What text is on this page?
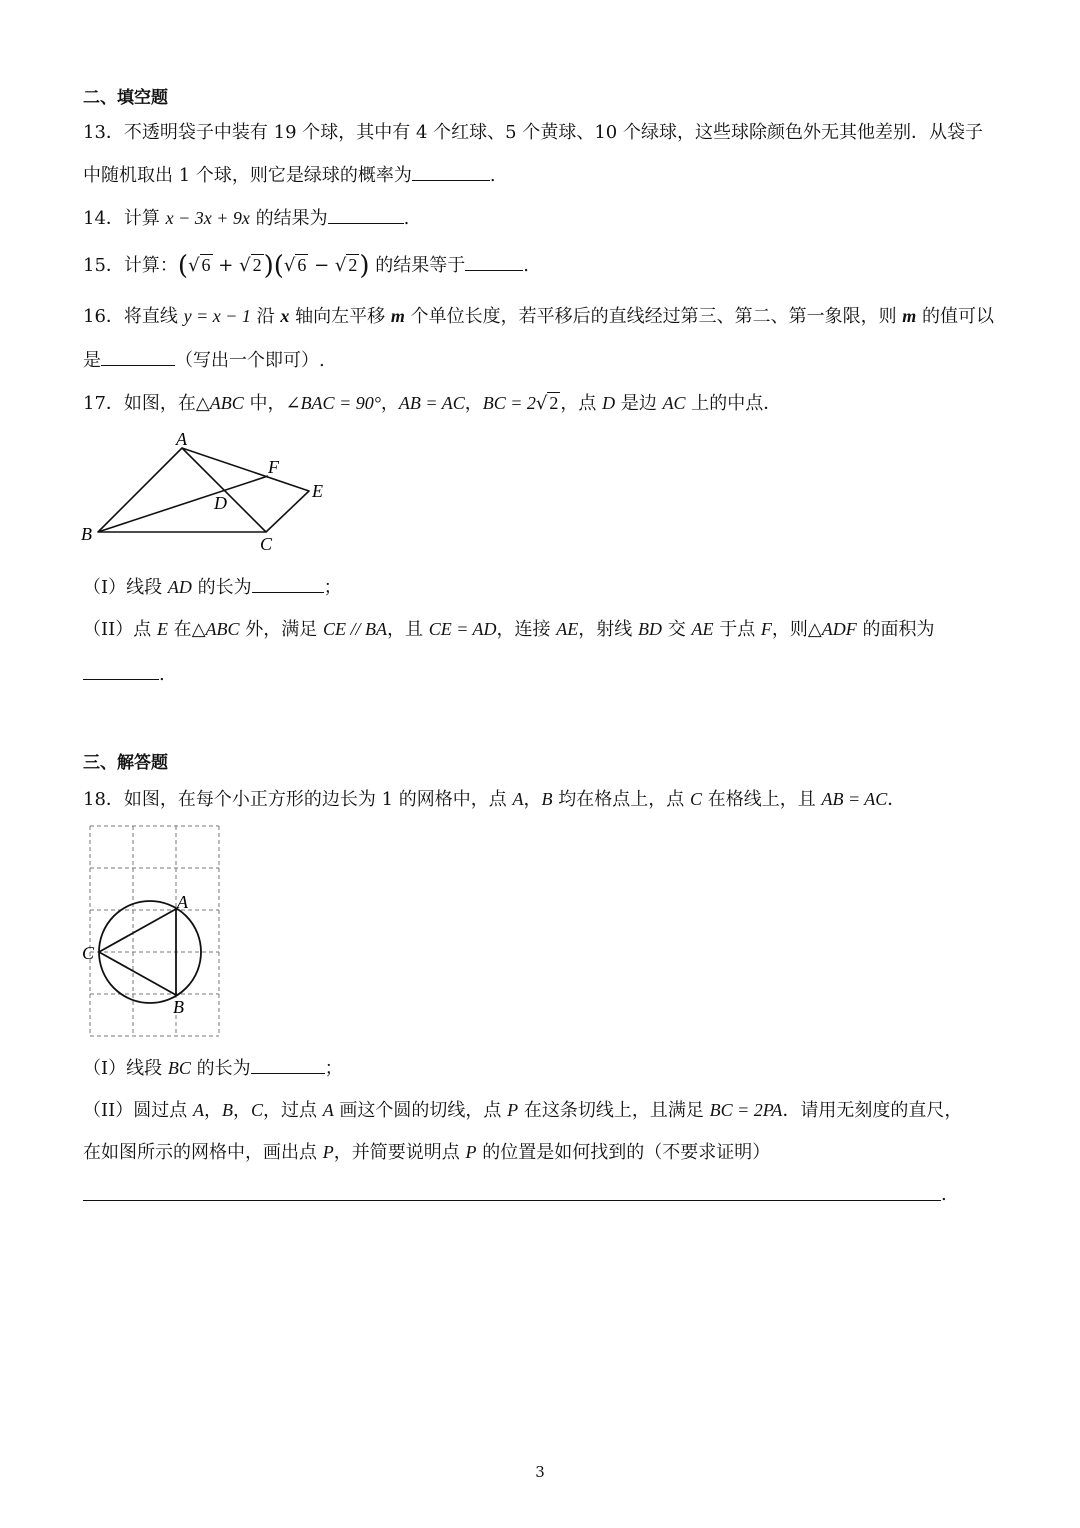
二、填空题
13．不透明袋子中装有 19 个球，其中有 4 个红球、5 个黄球、10 个绿球，这些球除颜色外无其他差别．从袋子
中随机取出 1 个球，则它是绿球的概率为	.
14．计算 x − 3x + 9x 的结果为	.
15．计算：(√ 6 + √ 2)(√ 6 − √ 2) 的结果等于	.
16．将直线 y = x − 1 沿 x 轴向左平移 m 个单位长度，若平移后的直线经过第三、第二、第一象限，则 m 的值可以
是	（写出一个即可）.
17．如图，在△ABC 中，∠BAC = 90°，AB = AC，BC = 2√ 2 ，点 D 是边 AC 上的中点．
A
B	C
D
E
F
（I）线段 AD 的长为	；
（II）点 E 在△ABC 外，满足 CE // BA，且 CE = AD，连接 AE，射线 BD 交 AE 于点 F，则△ADF 的面积为
.
三、解答题
18．如图，在每个小正方形的边长为 1 的网格中，点 A，B 均在格点上，点 C 在格线上，且 AB = AC．
A
B
C
（I）线段 BC 的长为	；
（II）圆过点 A，B，C，过点 A 画这个圆的切线，点 P 在这条切线上，且满足 BC = 2PA．请用无刻度的直尺，
在如图所示的网格中，画出点 P，并简要说明点 P 的位置是如何找到的（不要求证明）
.
3
